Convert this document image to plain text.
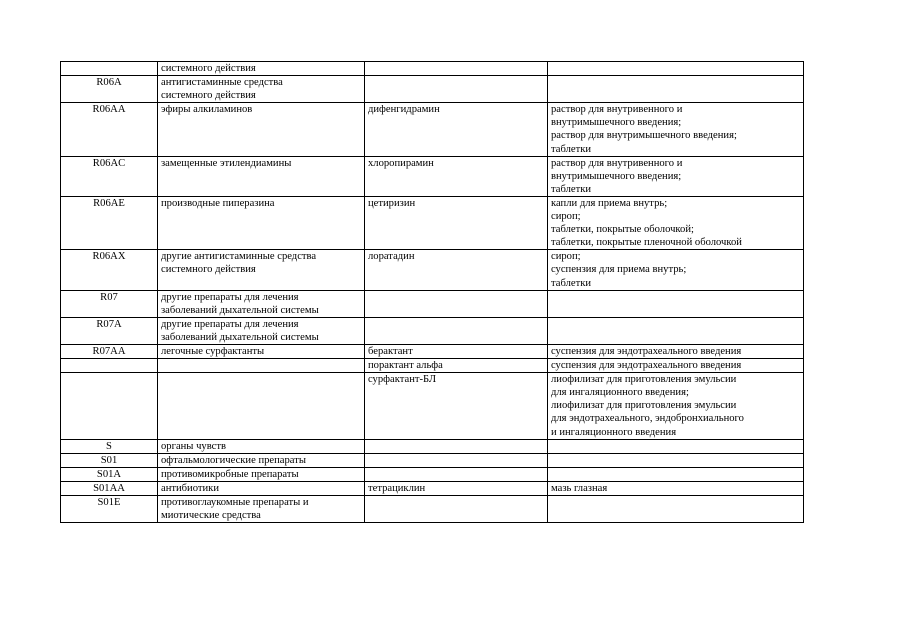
	системного действия		

R06A	антигистаминные средства
системного действия		

R06AA	эфиры алкиламинов	дифенгидрамин	раствор для внутривенного и
внутримышечного введения;
раствор для внутримышечного введения;
таблетки

R06AC	замещенные этилендиамины	хлоропирамин	раствор для внутривенного и
внутримышечного введения;
таблетки

R06AE	производные пиперазина	цетиризин	капли для приема внутрь;
сироп;
таблетки, покрытые оболочкой;
таблетки, покрытые пленочной оболочкой

R06AX	другие антигистаминные средства
системного действия	лоратадин	сироп;
суспензия для приема внутрь;
таблетки

R07	другие препараты для лечения
заболеваний дыхательной системы		

R07A	другие препараты для лечения
заболеваний дыхательной системы		

R07AA	легочные сурфактанты	берактант	суспензия для эндотрахеального введения

		порактант альфа	суспензия для эндотрахеального введения

		сурфактант-БЛ	лиофилизат для приготовления эмульсии
для ингаляционного введения;
лиофилизат для приготовления эмульсии
для эндотрахеального, эндобронхиального
и ингаляционного введения

S	органы чувств		

S01	офтальмологические препараты		

S01A	противомикробные препараты		

S01AA	антибиотики	тетрациклин	мазь глазная

S01E	противоглаукомные препараты и
миотические средства		
